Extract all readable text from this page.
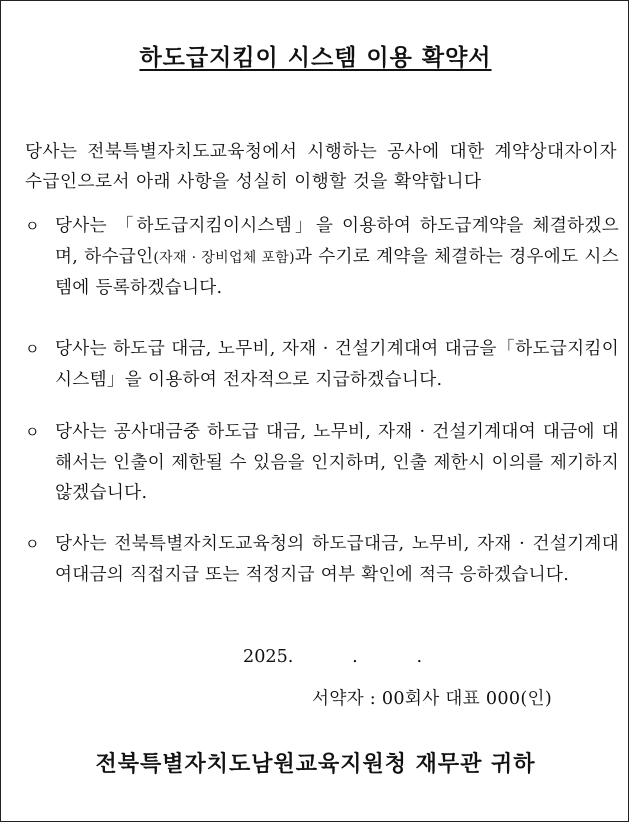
하도급지킴이 시스템 이용 확약서
당사는 전북특별자치도교육청에서 시행하는 공사에 대한 계약상대자이자 수급인으로서 아래 사항을 성실히 이행할 것을 확약합니다
ㅇ 당사는 「하도급지킴이시스템」을 이용하여 하도급계약을 체결하겠으며, 하수급인(자재 · 장비업체 포함)과 수기로 계약을 체결하는 경우에도 시스템에 등록하겠습니다.
ㅇ 당사는 하도급 대금, 노무비, 자재 · 건설기계대여 대금을「하도급지킴이시스템」을 이용하여 전자적으로 지급하겠습니다.
ㅇ 당사는 공사대금중 하도급 대금, 노무비, 자재 · 건설기계대여 대금에 대해서는 인출이 제한될 수 있음을 인지하며, 인출 제한시 이의를 제기하지 않겠습니다.
ㅇ 당사는 전북특별자치도교육청의 하도급대금, 노무비, 자재 · 건설기계대여대금의 직접지급 또는 적정지급 여부 확인에 적극 응하겠습니다.
2025.   .   .
서약자 : 00회사 대표 000(인)
전북특별자치도남원교육지원청 재무관 귀하
